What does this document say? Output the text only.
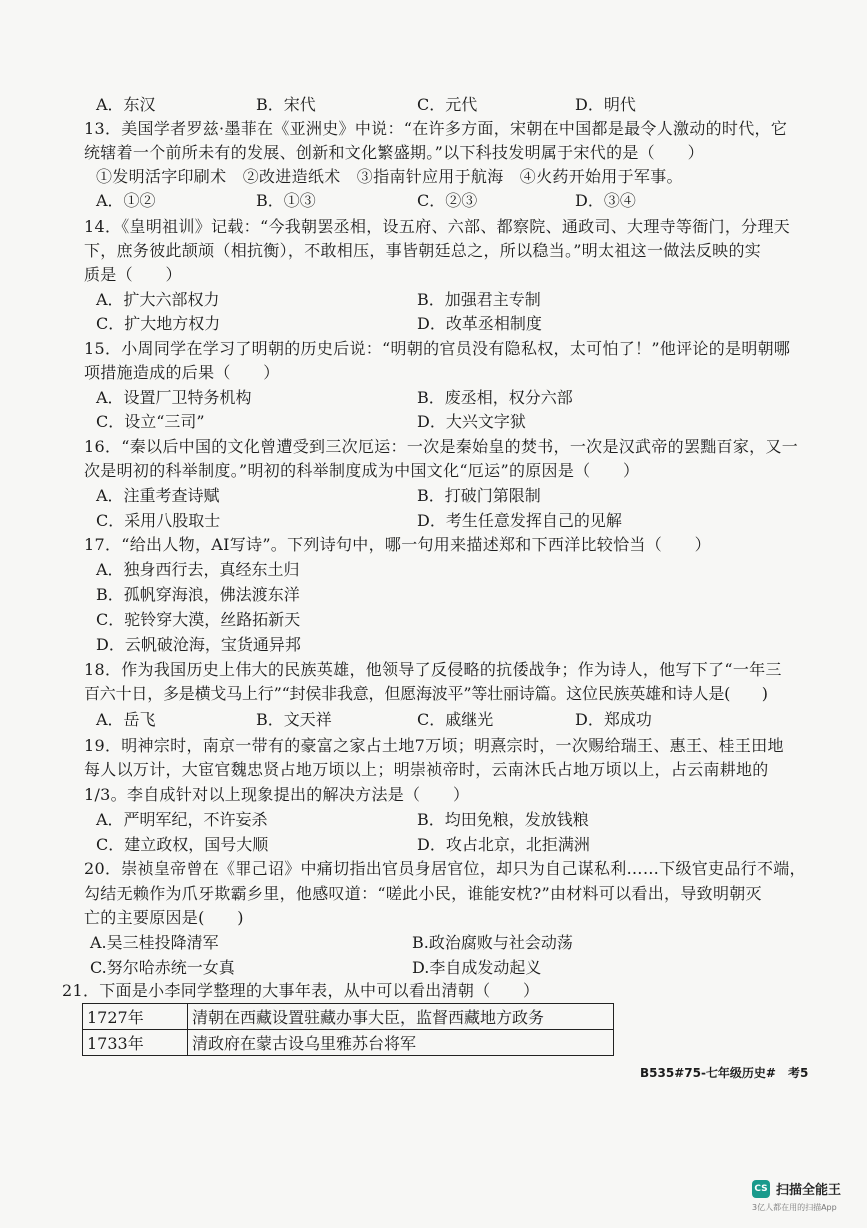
A．东汉	B．宋代	C．元代	D．明代
13．美国学者罗兹·墨菲在《亚洲史》中说：“在许多方面，宋朝在中国都是最令人激动的时代，它
统辖着一个前所未有的发展、创新和文化繁盛期。”以下科技发明属于宋代的是（　　）
①发明活字印刷术　②改进造纸术　③指南针应用于航海　④火药开始用于军事。
A．①②	B．①③	C．②③	D．③④
14．《皇明祖训》记载：“今我朝罢丞相，设五府、六部、都察院、通政司、大理寺等衙门，分理天
下，庶务彼此颉颃（相抗衡），不敢相压，事皆朝廷总之，所以稳当。”明太祖这一做法反映的实
质是（　　）
A．扩大六部权力	B．加强君主专制
C．扩大地方权力	D．改革丞相制度
15．小周同学在学习了明朝的历史后说：“明朝的官员没有隐私权，太可怕了！”他评论的是明朝哪
项措施造成的后果（　　）
A．设置厂卫特务机构	B．废丞相，权分六部
C．设立“三司”	D．大兴文字狱
16．“秦以后中国的文化曾遭受到三次厄运：一次是秦始皇的焚书，一次是汉武帝的罢黜百家，又一
次是明初的科举制度。”明初的科举制度成为中国文化“厄运”的原因是（　　）
A．注重考查诗赋	B．打破门第限制
C．采用八股取士	D．考生任意发挥自己的见解
17．“给出人物，AI写诗”。下列诗句中，哪一句用来描述郑和下西洋比较恰当（　　）
A．独身西行去，真经东土归
B．孤帆穿海浪，佛法渡东洋
C．驼铃穿大漠，丝路拓新天
D．云帆破沧海，宝货通异邦
18．作为我国历史上伟大的民族英雄，他领导了反侵略的抗倭战争；作为诗人，他写下了“一年三
百六十日，多是横戈马上行”“封侯非我意，但愿海波平”等壮丽诗篇。这位民族英雄和诗人是(　　)
A．岳飞	B．文天祥	C．戚继光	D．郑成功
19．明神宗时，南京一带有的豪富之家占土地7万顷；明熹宗时，一次赐给瑞王、惠王、桂王田地
每人以万计，大宦官魏忠贤占地万顷以上；明崇祯帝时，云南沐氏占地万顷以上，占云南耕地的
1/3。李自成针对以上现象提出的解决方法是（　　）
A．严明军纪，不许妄杀	B．均田免粮，发放钱粮
C．建立政权，国号大顺	D．攻占北京，北拒满洲
20．崇祯皇帝曾在《罪己诏》中痛切指出官员身居官位，却只为自己谋私利……下级官吏品行不端，
勾结无赖作为爪牙欺霸乡里，他感叹道：“嗟此小民，谁能安枕?”由材料可以看出，导致明朝灭
亡的主要原因是(　　)
A.吴三桂投降清军	B.政治腐败与社会动荡
C.努尔哈赤统一女真	D.李自成发动起义
21．下面是小李同学整理的大事年表，从中可以看出清朝（　　）
1727年	清朝在西藏设置驻藏办事大臣，监督西藏地方政务
1733年	清政府在蒙古设乌里雅苏台将军
B535#75-七年级历史#　考5
CS 扫描全能王
3亿人都在用的扫描App
